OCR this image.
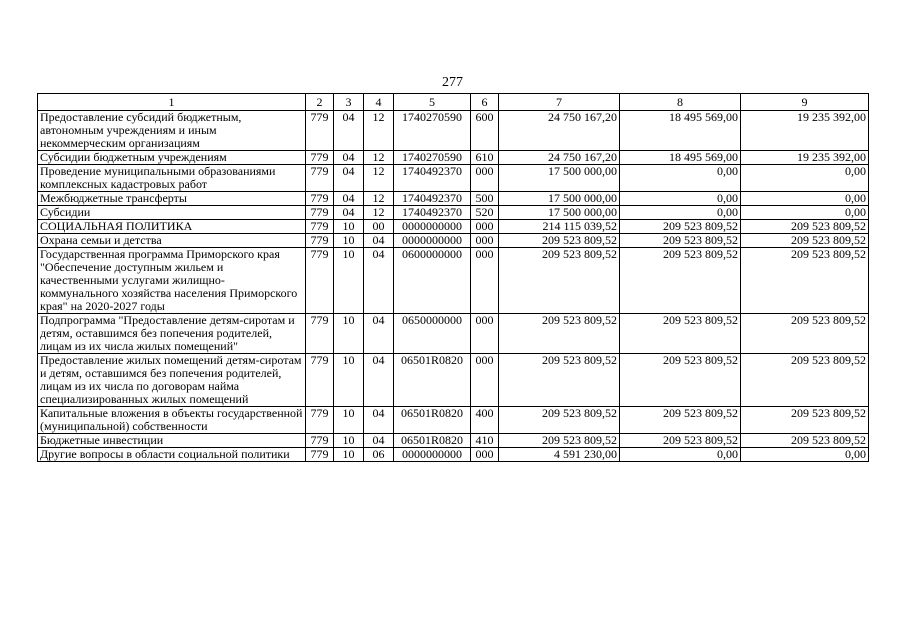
277
1	2	3	4	5	6	7	8	9
Предоставление субсидий бюджетным, автономным учреждениям и иным некоммерческим организациям	779	04	12	1740270590	600	24 750 167,20	18 495 569,00	19 235 392,00
Субсидии бюджетным учреждениям	779	04	12	1740270590	610	24 750 167,20	18 495 569,00	19 235 392,00
Проведение муниципальными образованиями комплексных кадастровых работ	779	04	12	1740492370	000	17 500 000,00	0,00	0,00
Межбюджетные трансферты	779	04	12	1740492370	500	17 500 000,00	0,00	0,00
Субсидии	779	04	12	1740492370	520	17 500 000,00	0,00	0,00
СОЦИАЛЬНАЯ ПОЛИТИКА	779	10	00	0000000000	000	214 115 039,52	209 523 809,52	209 523 809,52
Охрана семьи и детства	779	10	04	0000000000	000	209 523 809,52	209 523 809,52	209 523 809,52
Государственная программа Приморского края "Обеспечение доступным жильем и качественными услугами жилищно-коммунального хозяйства населения Приморского края" на 2020-2027 годы	779	10	04	0600000000	000	209 523 809,52	209 523 809,52	209 523 809,52
Подпрограмма "Предоставление детям-сиротам и детям, оставшимся без попечения родителей, лицам из их числа жилых помещений"	779	10	04	0650000000	000	209 523 809,52	209 523 809,52	209 523 809,52
Предоставление жилых помещений детям-сиротам и детям, оставшимся без попечения родителей, лицам из их числа по договорам найма специализированных жилых помещений	779	10	04	06501R0820	000	209 523 809,52	209 523 809,52	209 523 809,52
Капитальные вложения в объекты государственной (муниципальной) собственности	779	10	04	06501R0820	400	209 523 809,52	209 523 809,52	209 523 809,52
Бюджетные инвестиции	779	10	04	06501R0820	410	209 523 809,52	209 523 809,52	209 523 809,52
Другие вопросы в области социальной политики	779	10	06	0000000000	000	4 591 230,00	0,00	0,00
